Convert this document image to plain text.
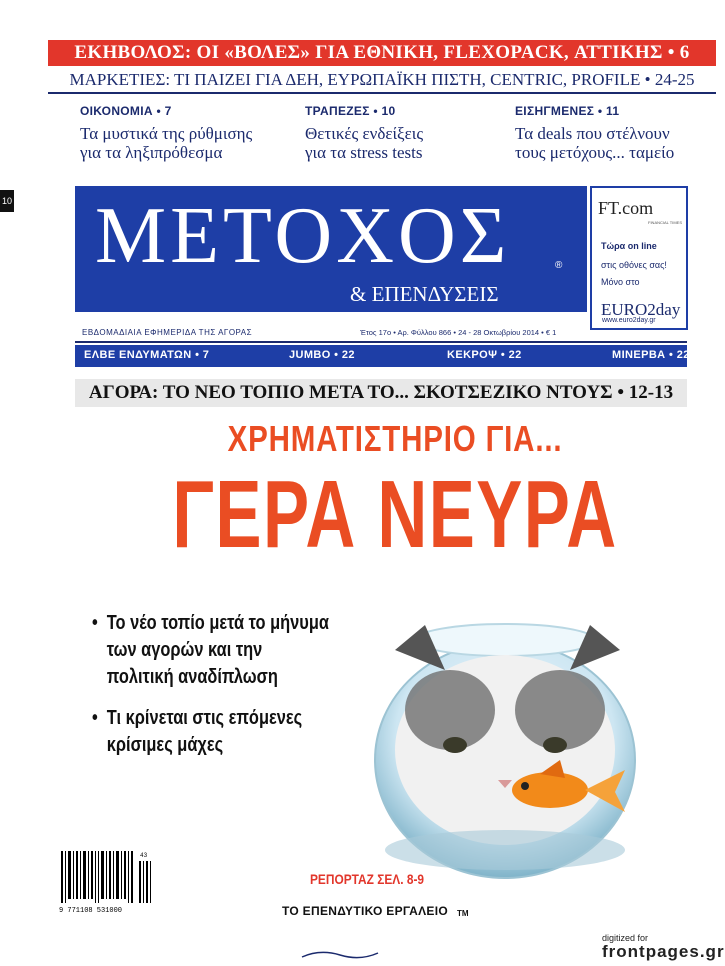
10
ΕΚΗΒΟΛΟΣ: ΟΙ «ΒΟΛΕΣ» ΓΙΑ ΕΘΝΙΚΗ, FLEXOPACK, ΑΤΤΙΚΗΣ • 6
ΜΑΡΚΕΤΙΕΣ: ΤΙ ΠΑΙΖΕΙ ΓΙΑ ΔΕΗ, ΕΥΡΩΠΑΪΚΗ ΠΙΣΤΗ, CENTRIC, PROFILE • 24-25
ΟΙΚΟΝΟΜΙΑ • 7
Τα μυστικά της ρύθμισης
για τα ληξιπρόθεσμα
ΤΡΑΠΕΖΕΣ • 10
Θετικές ενδείξεις
για τα stress tests
ΕΙΣΗΓΜΕΝΕΣ • 11
Τα deals που στέλνουν
τους μετόχους... ταμείο
ΜΕΤΟΧΟΣ	®
& ΕΠΕΝΔΥΣΕΙΣ
FT.com
FINANCIAL TIMES
Τώρα on line
στις οθόνες σας!
Μόνο στο
EURO2day
www.euro2day.gr
ΕΒΔΟΜΑΔΙΑΙΑ ΕΦΗΜΕΡΙΔΑ ΤΗΣ ΑΓΟΡΑΣ	Έτος 17ο • Αρ. Φύλλου 866 • 24 - 28 Οκτωβρίου 2014 • € 1
ΕΛΒΕ ΕΝΔΥΜΑΤΩΝ • 7	JUMBO • 22	ΚΕΚΡΟΨ • 22	ΜΙΝΕΡΒΑ • 22
ΑΓΟΡΑ: ΤΟ ΝΕΟ ΤΟΠΙΟ ΜΕΤΑ ΤΟ... ΣΚΟΤΣΕΖΙΚΟ ΝΤΟΥΣ • 12-13
ΧΡΗΜΑΤΙΣΤΗΡΙΟ ΓΙΑ...
ΓΕΡΑ ΝΕΥΡΑ
• Το νέο τοπίο μετά το μήνυμα
των αγορών και την
πολιτική αναδίπλωση
• Τι κρίνεται στις επόμενες
κρίσιμες μάχες
ΡΕΠΟΡΤΑΖ ΣΕΛ. 8-9
9 771108 531000
43
ΤΟ ΕΠΕΝΔΥΤΙΚΟ ΕΡΓΑΛΕΙΟ TM
digitized for
frontpages.gr
